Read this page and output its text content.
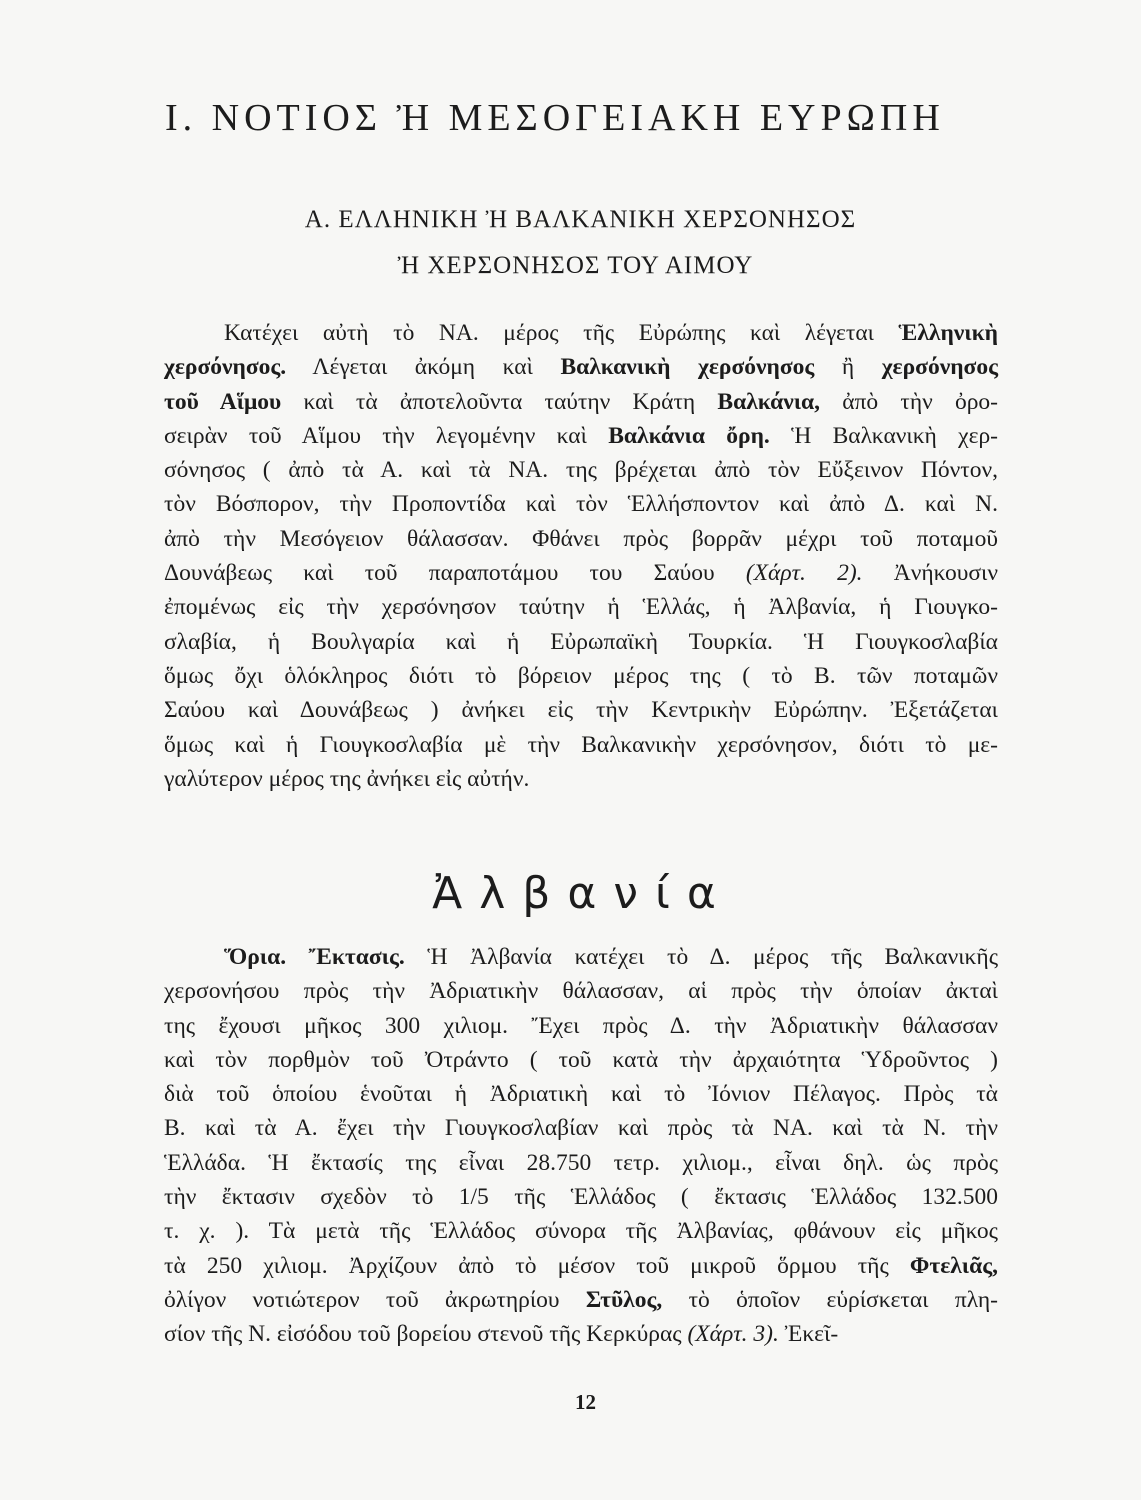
I. ΝΟΤΙΟΣ Ἠ ΜΕΣΟΓΕΙΑΚΗ ΕΥΡΩΠΗ
Α. ΕΛΛΗΝΙΚΗ Ἠ ΒΑΛΚΑΝΙΚΗ ΧΕΡΣΟΝΗΣΟΣ
Ἠ ΧΕΡΣΟΝΗΣΟΣ ΤΟΥ ΑΙΜΟΥ
Κατέχει αὐτὴ τὸ ΝΑ. μέρος τῆς Εὐρώπης καὶ λέγεται Ἑλληνικὴ
χερσόνησος. Λέγεται ἀκόμη καὶ Βαλκανικὴ χερσόνησος ἢ χερσόνησος
τοῦ Αἵμου καὶ τὰ ἀποτελοῦντα ταύτην Κράτη Βαλκάνια, ἀπὸ τὴν ὀρο-
σειρὰν τοῦ Αἵμου τὴν λεγομένην καὶ Βαλκάνια ὄρη. Ἡ Βαλκανικὴ χερ-
σόνησος ( ἀπὸ τὰ Α. καὶ τὰ ΝΑ. της βρέχεται ἀπὸ τὸν Εὔξεινον Πόντον,
τὸν Βόσπορον, τὴν Προποντίδα καὶ τὸν Ἑλλήσποντον καὶ ἀπὸ Δ. καὶ Ν.
ἀπὸ τὴν Μεσόγειον θάλασσαν. Φθάνει πρὸς βορρᾶν μέχρι τοῦ ποταμοῦ
Δουνάβεως καὶ τοῦ παραποτάμου του Σαύου (Χάρτ. 2). Ἀνήκουσιν
ἐπομένως εἰς τὴν χερσόνησον ταύτην ἡ Ἑλλάς, ἡ Ἀλβανία, ἡ Γιουγκο-
σλαβία, ἡ Βουλγαρία καὶ ἡ Εὐρωπαϊκὴ Τουρκία. Ἡ Γιουγκοσλαβία
ὅμως ὄχι ὁλόκληρος διότι τὸ βόρειον μέρος της ( τὸ Β. τῶν ποταμῶν
Σαύου καὶ Δουνάβεως ) ἀνήκει εἰς τὴν Κεντρικὴν Εὐρώπην. Ἐξετάζεται
ὅμως καὶ ἡ Γιουγκοσλαβία μὲ τὴν Βαλκανικὴν χερσόνησον, διότι τὸ με-
γαλύτερον μέρος της ἀνήκει εἰς αὐτήν.
Ἀλβανία
Ὅρια. Ἔκτασις. Ἡ Ἀλβανία κατέχει τὸ Δ. μέρος τῆς Βαλκανικῆς
χερσονήσου πρὸς τὴν Ἀδριατικὴν θάλασσαν, αἱ πρὸς τὴν ὁποίαν ἀκταὶ
της ἔχουσι μῆκος 300 χιλιομ. Ἔχει πρὸς Δ. τὴν Ἀδριατικὴν θάλασσαν
καὶ τὸν πορθμὸν τοῦ Ὀτράντο ( τοῦ κατὰ τὴν ἀρχαιότητα Ὑδροῦντος )
διὰ τοῦ ὁποίου ἑνοῦται ἡ Ἀδριατικὴ καὶ τὸ Ἰόνιον Πέλαγος. Πρὸς τὰ
Β. καὶ τὰ Α. ἔχει τὴν Γιουγκοσλαβίαν καὶ πρὸς τὰ ΝΑ. καὶ τὰ Ν. τὴν
Ἑλλάδα. Ἡ ἔκτασίς της εἶναι 28.750 τετρ. χιλιομ., εἶναι δηλ. ὡς πρὸς
τὴν ἔκτασιν σχεδὸν τὸ 1/5 τῆς Ἑλλάδος ( ἔκτασις Ἑλλάδος 132.500
τ. χ. ). Τὰ μετὰ τῆς Ἑλλάδος σύνορα τῆς Ἀλβανίας, φθάνουν εἰς μῆκος
τὰ 250 χιλιομ. Ἀρχίζουν ἀπὸ τὸ μέσον τοῦ μικροῦ ὅρμου τῆς Φτελιᾶς,
ὀλίγον νοτιώτερον τοῦ ἀκρωτηρίου Στῦλος, τὸ ὁποῖον εὑρίσκεται πλη-
σίον τῆς Ν. εἰσόδου τοῦ βορείου στενοῦ τῆς Κερκύρας (Χάρτ. 3). Ἐκεῖ-
12
